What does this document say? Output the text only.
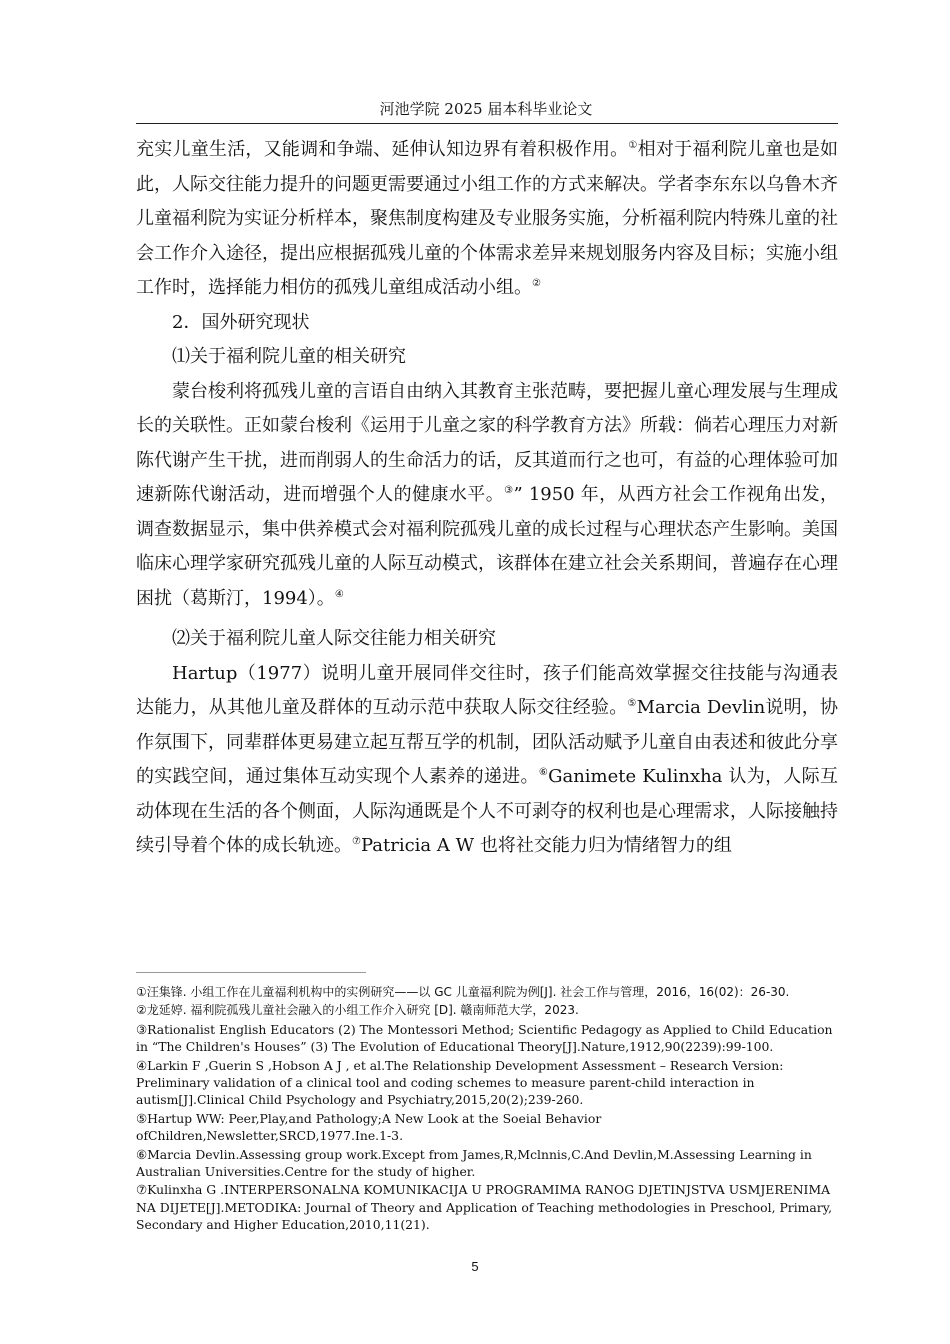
河池学院 2025 届本科毕业论文

充实儿童生活，又能调和争端、延伸认知边界有着积极作用。①相对于福利院儿童也是如此，人际交往能力提升的问题更需要通过小组工作的方式来解决。学者李东东以乌鲁木齐儿童福利院为实证分析样本，聚焦制度构建及专业服务实施，分析福利院内特殊儿童的社会工作介入途径，提出应根据孤残儿童的个体需求差异来规划服务内容及目标；实施小组工作时，选择能力相仿的孤残儿童组成活动小组。②

2．国外研究现状

⑴关于福利院儿童的相关研究

蒙台梭利将孤残儿童的言语自由纳入其教育主张范畴，要把握儿童心理发展与生理成长的关联性。正如蒙台梭利《运用于儿童之家的科学教育方法》所载：倘若心理压力对新陈代谢产生干扰，进而削弱人的生命活力的话，反其道而行之也可，有益的心理体验可加速新陈代谢活动，进而增强个人的健康水平。③” 1950 年，从西方社会工作视角出发，调查数据显示，集中供养模式会对福利院孤残儿童的成长过程与心理状态产生影响。美国临床心理学家研究孤残儿童的人际互动模式，该群体在建立社会关系期间，普遍存在心理困扰（葛斯汀，1994）。④

⑵关于福利院儿童人际交往能力相关研究

Hartup（1977）说明儿童开展同伴交往时，孩子们能高效掌握交往技能与沟通表达能力，从其他儿童及群体的互动示范中获取人际交往经验。⑤Marcia Devlin说明，协作氛围下，同辈群体更易建立起互帮互学的机制，团队活动赋予儿童自由表述和彼此分享的实践空间，通过集体互动实现个人素养的递进。⑥Ganimete Kulinxha 认为，人际互动体现在生活的各个侧面，人际沟通既是个人不可剥夺的权利也是心理需求，人际接触持续引导着个体的成长轨迹。⑦Patricia A W 也将社交能力归为情绪智力的组

①汪集锋. 小组工作在儿童福利机构中的实例研究——以 GC 儿童福利院为例[J]. 社会工作与管理，2016，16(02)：26-30.

②龙延婷. 福利院孤残儿童社会融入的小组工作介入研究 [D]. 赣南师范大学，2023.

③Rationalist English Educators (2) The Montessori Method; Scientific Pedagogy as Applied to Child Education in “The Children's Houses” (3) The Evolution of Educational Theory[J].Nature,1912,90(2239):99-100.

④Larkin F ,Guerin S ,Hobson A J , et al.The Relationship Development Assessment – Research Version: Preliminary validation of a clinical tool and coding schemes to measure parent-child interaction in autism[J].Clinical Child Psychology and Psychiatry,2015,20(2);239-260.

⑤Hartup WW: Peer,Play,and Pathology;A New Look at the Soeial Behavior ofChildren,Newsletter,SRCD,1977.Ine.1-3.

⑥Marcia Devlin.Assessing group work.Except from James,R,Mclnnis,C.And Devlin,M.Assessing Learning in Australian Universities.Centre for the study of higher.

⑦Kulinxha G .INTERPERSONALNA KOMUNIKACIJA U PROGRAMIMA RANOG DJETINJSTVA USMJERENIMA NA DIJETE[J].METODIKA: Journal of Theory and Application of Teaching methodologies in Preschool, Primary, Secondary and Higher Education,2010,11(21).

5
